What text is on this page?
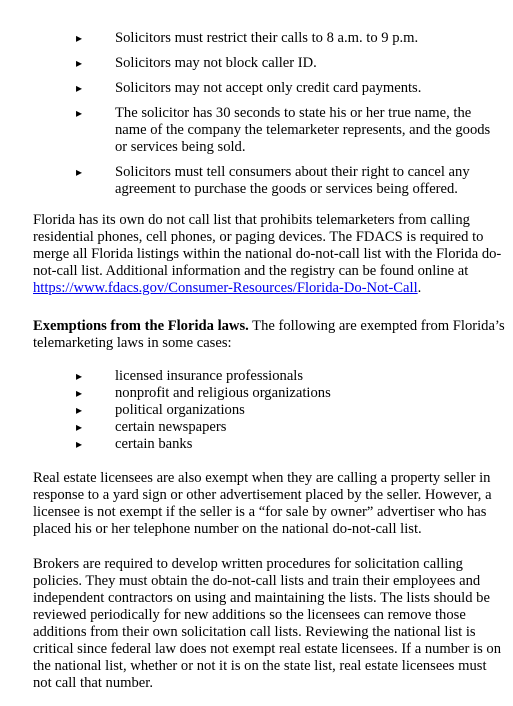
▸ Solicitors must restrict their calls to 8 a.m. to 9 p.m.
▸ Solicitors may not block caller ID.
▸ Solicitors may not accept only credit card payments.
▸ The solicitor has 30 seconds to state his or her true name, the name of the company the telemarketer represents, and the goods or services being sold.
▸ Solicitors must tell consumers about their right to cancel any agreement to purchase the goods or services being offered.

Florida has its own do not call list that prohibits telemarketers from calling residential phones, cell phones, or paging devices. The FDACS is required to merge all Florida listings within the national do-not-call list with the Florida do-not-call list. Additional information and the registry can be found online at https://www.fdacs.gov/Consumer-Resources/Florida-Do-Not-Call.

Exemptions from the Florida laws. The following are exempted from Florida’s telemarketing laws in some cases:

▸ licensed insurance professionals
▸ nonprofit and religious organizations
▸ political organizations
▸ certain newspapers
▸ certain banks

Real estate licensees are also exempt when they are calling a property seller in response to a yard sign or other advertisement placed by the seller. However, a licensee is not exempt if the seller is a “for sale by owner” advertiser who has placed his or her telephone number on the national do-not-call list.

Brokers are required to develop written procedures for solicitation calling policies. They must obtain the do-not-call lists and train their employees and independent contractors on using and maintaining the lists. The lists should be reviewed periodically for new additions so the licensees can remove those additions from their own solicitation call lists. Reviewing the national list is critical since federal law does not exempt real estate licensees. If a number is on the national list, whether or not it is on the state list, real estate licensees must not call that number.
